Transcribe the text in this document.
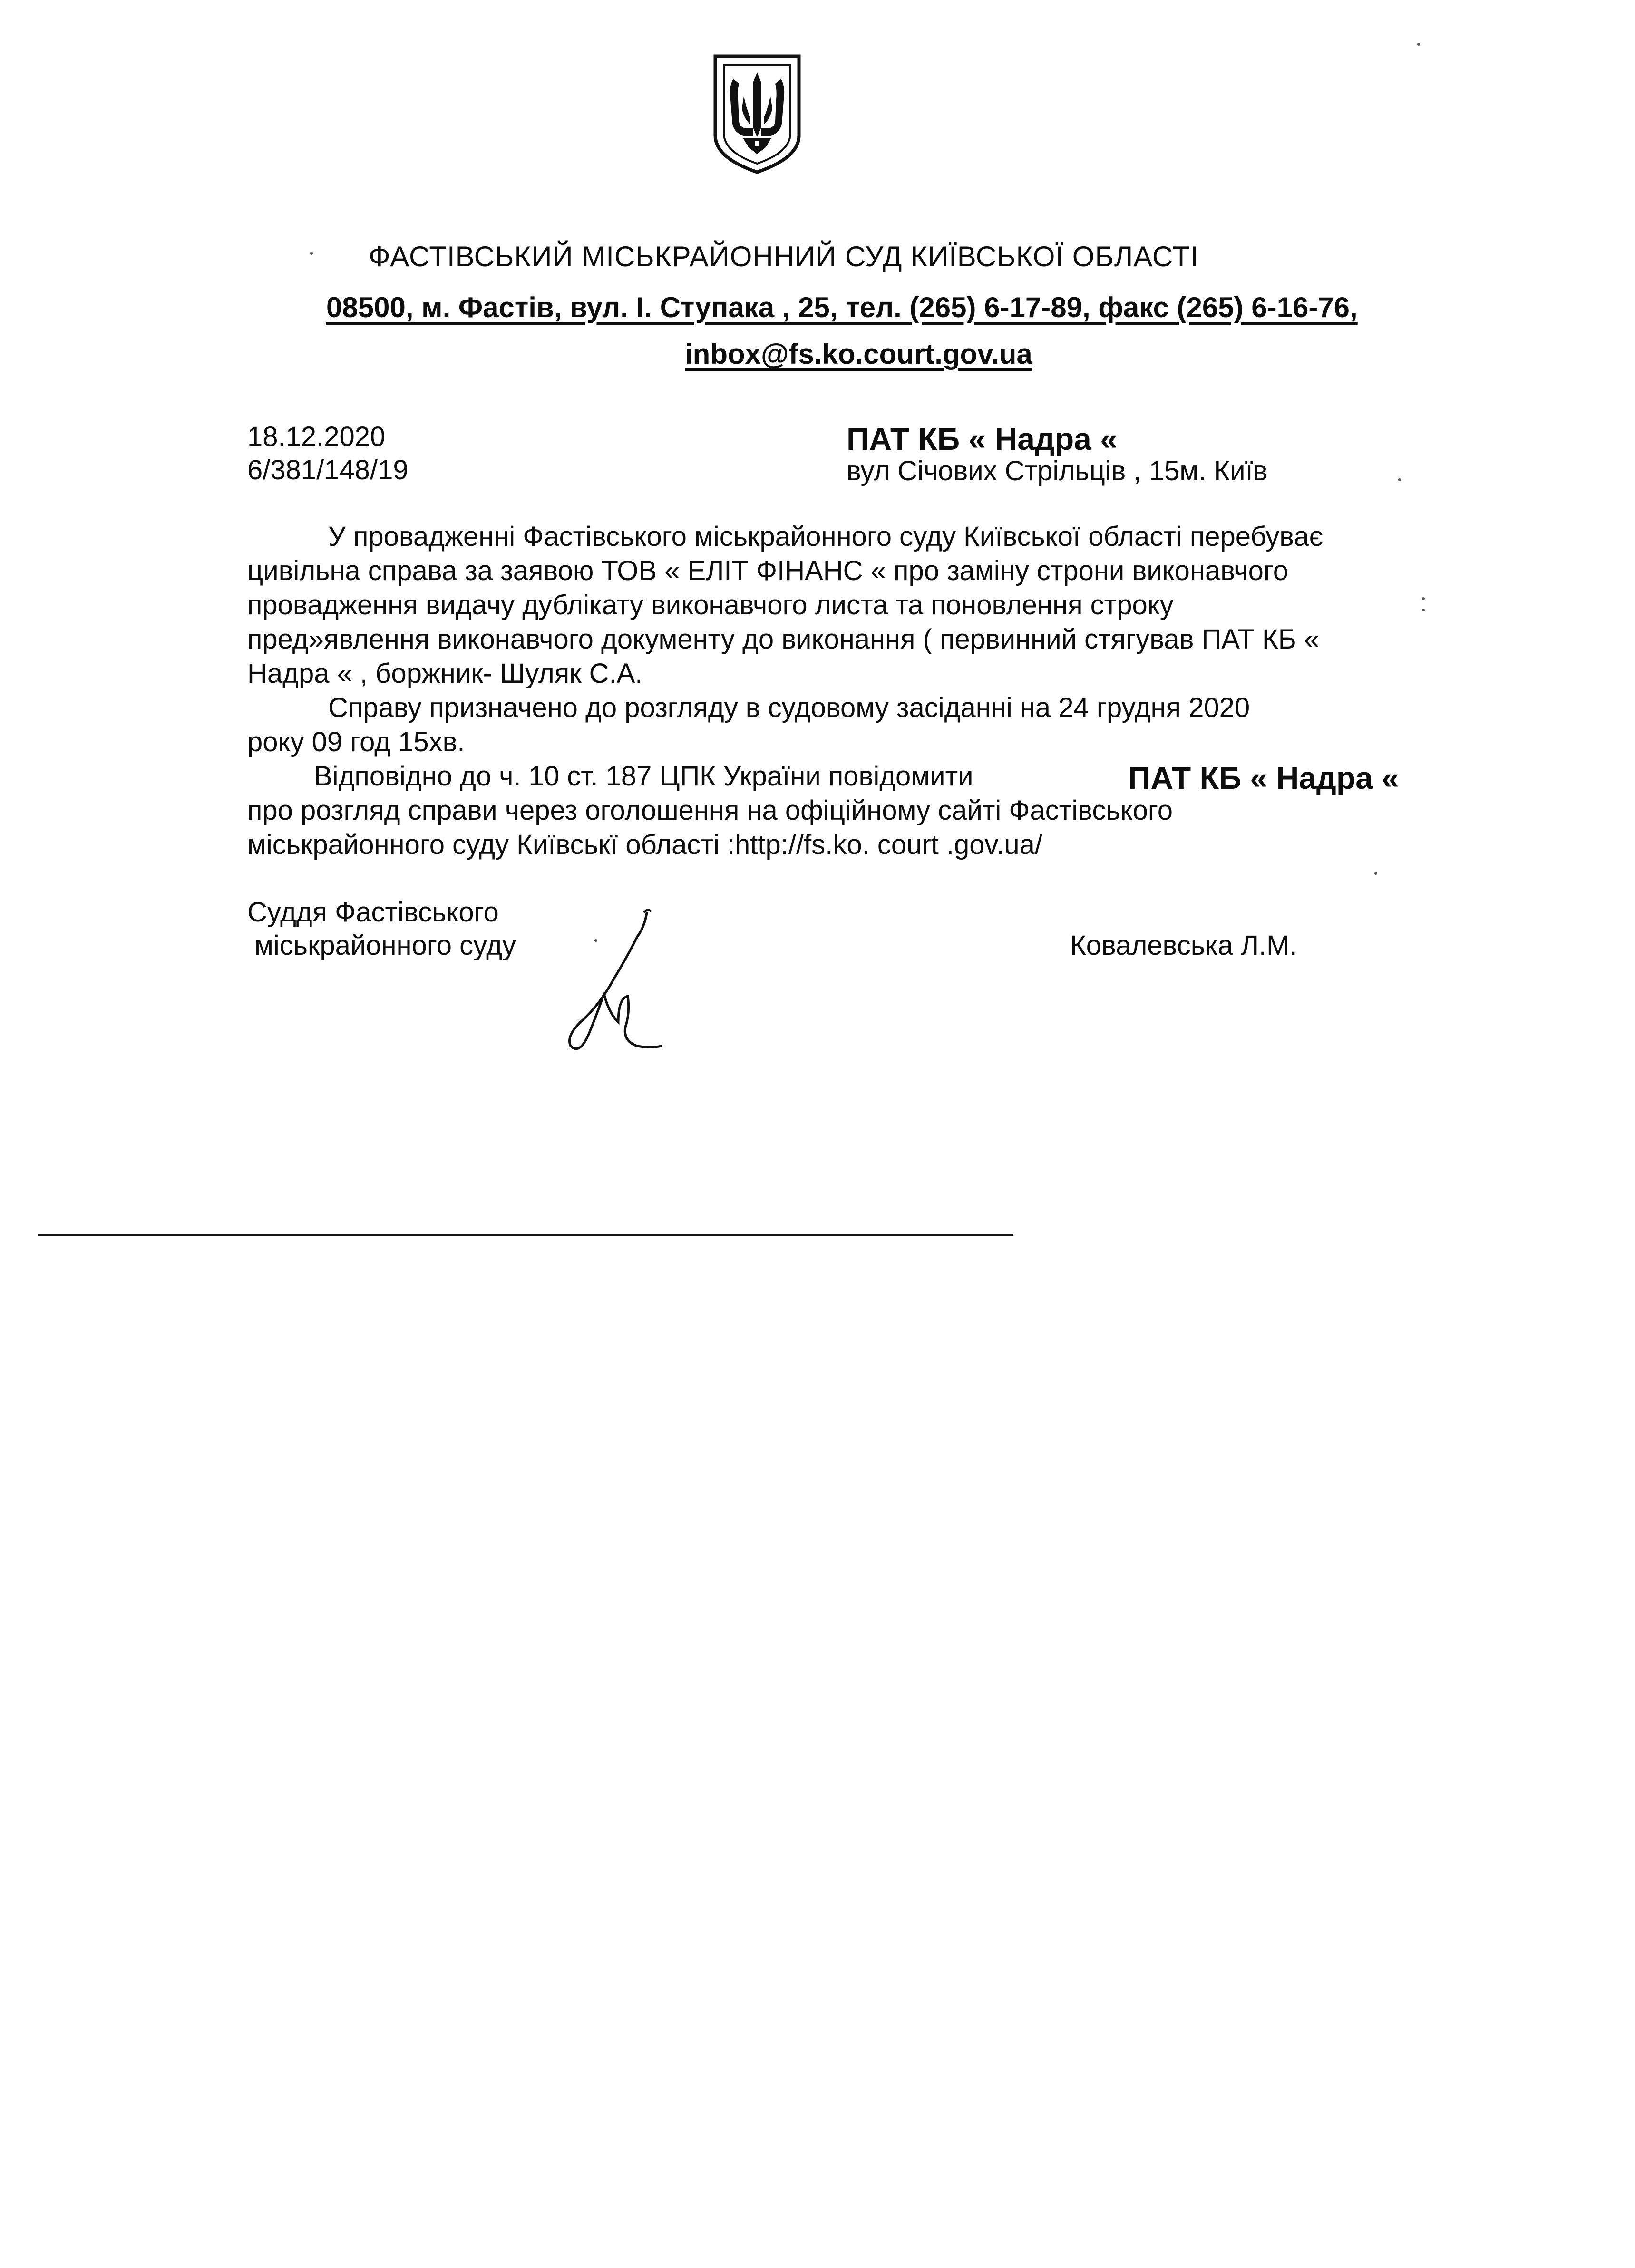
ФАСТІВСЬКИЙ МІСЬКРАЙОННИЙ СУД КИЇВСЬКОЇ ОБЛАСТІ
08500, м. Фастів, вул. І. Ступака , 25, тел. (265) 6-17-89, факс (265) 6-16-76,
inbox@fs.ko.court.gov.ua
18.12.2020
6/381/148/19
ПАТ КБ « Надра «
вул Січових Стрільців , 15м. Київ
У провадженні Фастівського міськрайонного суду Київської області перебуває
цивільна справа за заявою ТОВ « ЕЛІТ ФІНАНС « про заміну строни виконавчого
провадження видачу дублікату виконавчого листа та поновлення строку
пред»явлення виконавчого документу до виконання ( первинний стягував ПАТ КБ «
Надра « , боржник- Шуляк С.А.
Справу призначено до розгляду в судовому засіданні на 24 грудня 2020
року 09 год 15хв.
Відповідно до ч. 10 ст. 187 ЦПК України повідомити	ПАТ КБ « Надра «
про розгляд справи через оголошення на офіційному сайті Фастівського
міськрайонного суду Київськї області :http://fs.ko. court .gov.ua/
Суддя Фастівського
міськрайонного суду	Ковалевська Л.М.
